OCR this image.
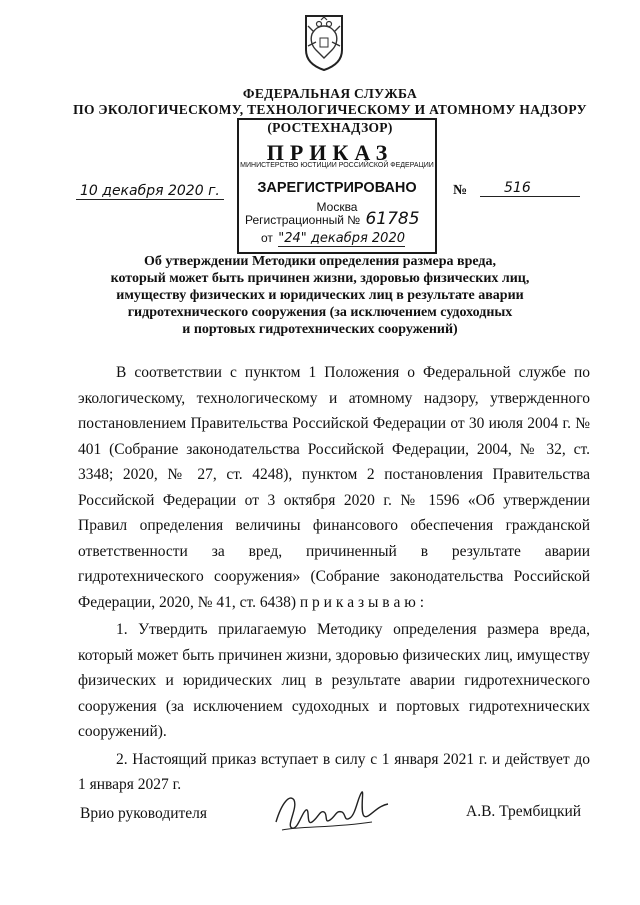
ФЕДЕРАЛЬНАЯ СЛУЖБА
ПО ЭКОЛОГИЧЕСКОМУ, ТЕХНОЛОГИЧЕСКОМУ И АТОМНОМУ НАДЗОРУ
(РОСТЕХНАДЗОР)
ПРИКАЗ
10 декабря 2020 г.	№	516
МИНИСТЕРСТВО ЮСТИЦИИ РОССИЙСКОЙ ФЕДЕРАЦИИ
ЗАРЕГИСТРИРОВАНО
Москва
Регистрационный № 61785
от "24" декабря 2020
Об утверждении Методики определения размера вреда,
который может быть причинен жизни, здоровью физических лиц,
имуществу физических и юридических лиц в результате аварии
гидротехнического сооружения (за исключением судоходных
и портовых гидротехнических сооружений)

В соответствии с пунктом 1 Положения о Федеральной службе по экологическому, технологическому и атомному надзору, утвержденного постановлением Правительства Российской Федерации от 30 июля 2004 г. № 401 (Собрание законодательства Российской Федерации, 2004, № 32, ст. 3348; 2020, № 27, ст. 4248), пунктом 2 постановления Правительства Российской Федерации от 3 октября 2020 г. № 1596 «Об утверждении Правил определения величины финансового обеспечения гражданской ответственности за вред, причиненный в результате аварии гидротехнического сооружения» (Собрание законодательства Российской Федерации, 2020, № 41, ст. 6438) п р и к а з ы в а ю :

1. Утвердить прилагаемую Методику определения размера вреда, который может быть причинен жизни, здоровью физических лиц, имуществу физических и юридических лиц в результате аварии гидротехнического сооружения (за исключением судоходных и портовых гидротехнических сооружений).

2. Настоящий приказ вступает в силу с 1 января 2021 г. и действует до 1 января 2027 г.

Врио руководителя	А.В. Трембицкий
